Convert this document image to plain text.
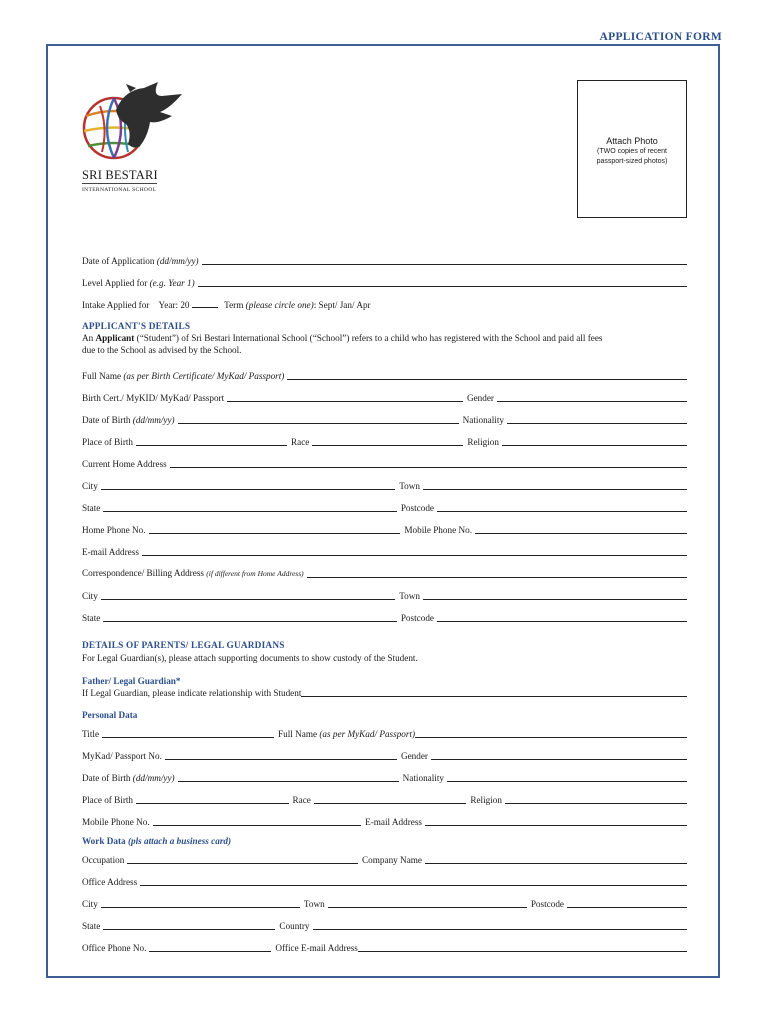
APPLICATION FORM
SRI BESTARI
INTERNATIONAL SCHOOL
Attach Photo
(TWO copies of recent
passport-sized photos)
Date of Application (dd/mm/yy)
Level Applied for (e.g. Year 1)
Intake Applied for Year: 20	Term (please circle one): Sept/ Jan/ Apr
APPLICANT'S DETAILS
An Applicant (“Student”) of Sri Bestari International School (“School”) refers to a child who has registered with the School and paid all fees
due to the School as advised by the School.
Full Name (as per Birth Certificate/ MyKad/ Passport)
Birth Cert./ MyKID/ MyKad/ Passport	Gender
Date of Birth (dd/mm/yy)	Nationality
Place of Birth	Race	Religion
Current Home Address
City	Town
State	Postcode
Home Phone No.	Mobile Phone No.
E-mail Address
Correspondence/ Billing Address (if different from Home Address)
City	Town
State	Postcode
DETAILS OF PARENTS/ LEGAL GUARDIANS
For Legal Guardian(s), please attach supporting documents to show custody of the Student.
Father/ Legal Guardian*
If Legal Guardian, please indicate relationship with Student
Personal Data
Title	Full Name (as per MyKad/ Passport)
MyKad/ Passport No.	Gender
Date of Birth (dd/mm/yy)	Nationality
Place of Birth	Race	Religion
Mobile Phone No.	E-mail Address
Work Data (pls attach a business card)
Occupation	Company Name
Office Address
City	Town	Postcode
State	Country
Office Phone No.	Office E-mail Address
